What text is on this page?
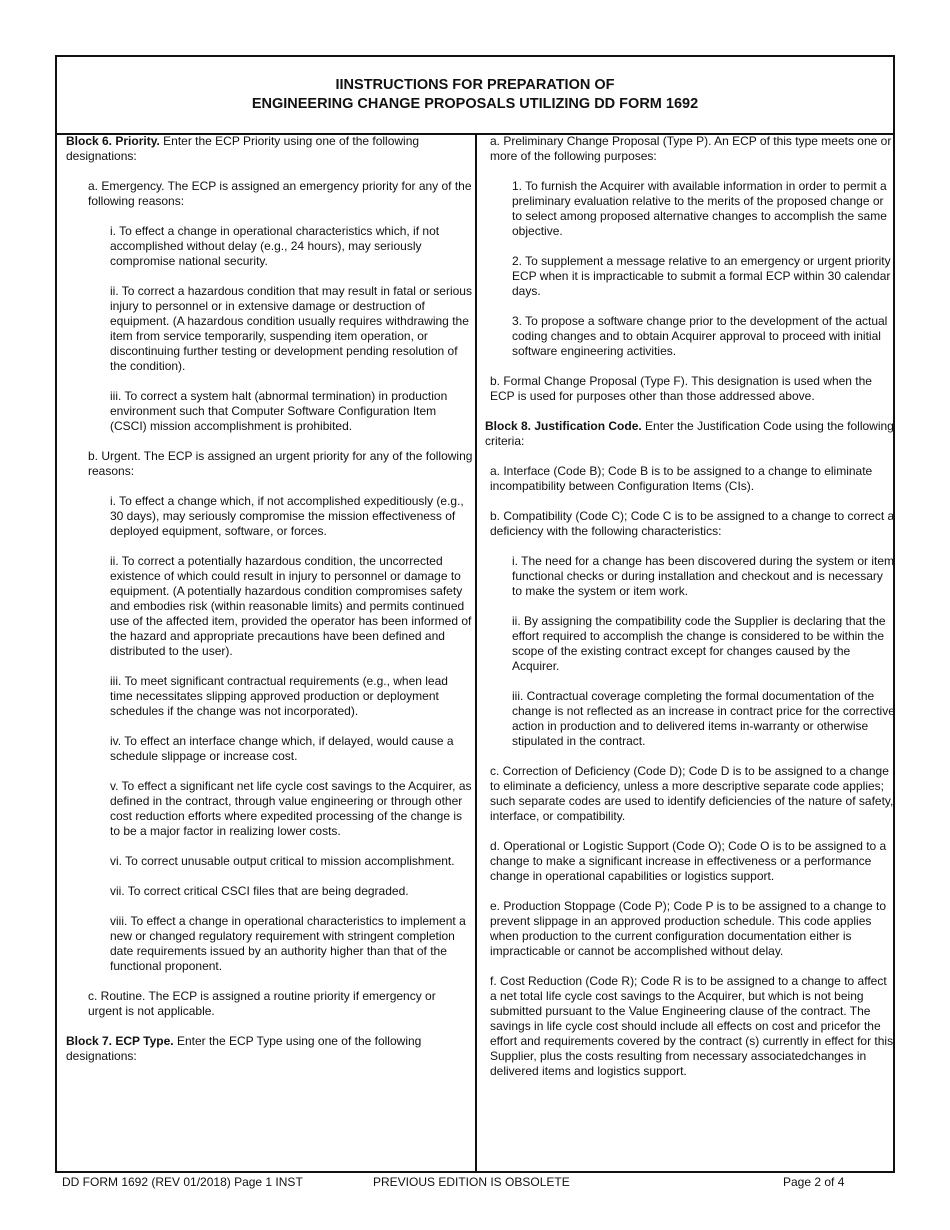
IINSTRUCTIONS FOR PREPARATION OF
ENGINEERING CHANGE PROPOSALS UTILIZING DD FORM 1692

Block 6. Priority. Enter the ECP Priority using one of the following designations:

a. Emergency. The ECP is assigned an emergency priority for any of the following reasons:

i. To effect a change in operational characteristics which, if not accomplished without delay (e.g., 24 hours), may seriously compromise national security.

ii. To correct a hazardous condition that may result in fatal or serious injury to personnel or in extensive damage or destruction of equipment. (A hazardous condition usually requires withdrawing the item from service temporarily, suspending item operation, or discontinuing further testing or development pending resolution of the condition).

iii. To correct a system halt (abnormal termination) in production environment such that Computer Software Configuration Item (CSCI) mission accomplishment is prohibited.

b. Urgent. The ECP is assigned an urgent priority for any of the following reasons:

i. To effect a change which, if not accomplished expeditiously (e.g., 30 days), may seriously compromise the mission effectiveness of deployed equipment, software, or forces.

ii. To correct a potentially hazardous condition, the uncorrected existence of which could result in injury to personnel or damage to equipment. (A potentially hazardous condition compromises safety and embodies risk (within reasonable limits) and permits continued use of the affected item, provided the operator has been informed of the hazard and appropriate precautions have been defined and distributed to the user).

iii. To meet significant contractual requirements (e.g., when lead time necessitates slipping approved production or deployment schedules if the change was not incorporated).

iv. To effect an interface change which, if delayed, would cause a schedule slippage or increase cost.

v. To effect a significant net life cycle cost savings to the Acquirer, as defined in the contract, through value engineering or through other cost reduction efforts where expedited processing of the change is to be a major factor in realizing lower costs.

vi. To correct unusable output critical to mission accomplishment.

vii. To correct critical CSCI files that are being degraded.

viii. To effect a change in operational characteristics to implement a new or changed regulatory requirement with stringent completion date requirements issued by an authority higher than that of the functional proponent.

c. Routine. The ECP is assigned a routine priority if emergency or urgent is not applicable.

Block 7. ECP Type. Enter the ECP Type using one of the following designations:

a. Preliminary Change Proposal (Type P). An ECP of this type meets one or more of the following purposes:

1. To furnish the Acquirer with available information in order to permit a preliminary evaluation relative to the merits of the proposed change or to select among proposed alternative changes to accomplish the same objective.

2. To supplement a message relative to an emergency or urgent priority ECP when it is impracticable to submit a formal ECP within 30 calendar days.

3. To propose a software change prior to the development of the actual coding changes and to obtain Acquirer approval to proceed with initial software engineering activities.

b. Formal Change Proposal (Type F). This designation is used when the ECP is used for purposes other than those addressed above.

Block 8. Justification Code. Enter the Justification Code using the following criteria:

a. Interface (Code B); Code B is to be assigned to a change to eliminate incompatibility between Configuration Items (CIs).

b. Compatibility (Code C); Code C is to be assigned to a change to correct a deficiency with the following characteristics:

i. The need for a change has been discovered during the system or item functional checks or during installation and checkout and is necessary to make the system or item work.

ii. By assigning the compatibility code the Supplier is declaring that the effort required to accomplish the change is considered to be within the scope of the existing contract except for changes caused by the Acquirer.

iii. Contractual coverage completing the formal documentation of the change is not reflected as an increase in contract price for the corrective action in production and to delivered items in-warranty or otherwise stipulated in the contract.

c. Correction of Deficiency (Code D); Code D is to be assigned to a change to eliminate a deficiency, unless a more descriptive separate code applies; such separate codes are used to identify deficiencies of the nature of safety, interface, or compatibility.

d. Operational or Logistic Support (Code O); Code O is to be assigned to a change to make a significant increase in effectiveness or a performance change in operational capabilities or logistics support.

e. Production Stoppage (Code P); Code P is to be assigned to a change to prevent slippage in an approved production schedule. This code applies when production to the current configuration documentation either is impracticable or cannot be accomplished without delay.

f. Cost Reduction (Code R); Code R is to be assigned to a change to affect a net total life cycle cost savings to the Acquirer, but which is not being submitted pursuant to the Value Engineering clause of the contract. The savings in life cycle cost should include all effects on cost and pricefor the effort and requirements covered by the contract (s) currently in effect for this Supplier, plus the costs resulting from necessary associatedchanges in delivered items and logistics support.

DD FORM 1692 (REV 01/2018) Page 1 INST	PREVIOUS EDITION IS OBSOLETE	Page 2 of 4
